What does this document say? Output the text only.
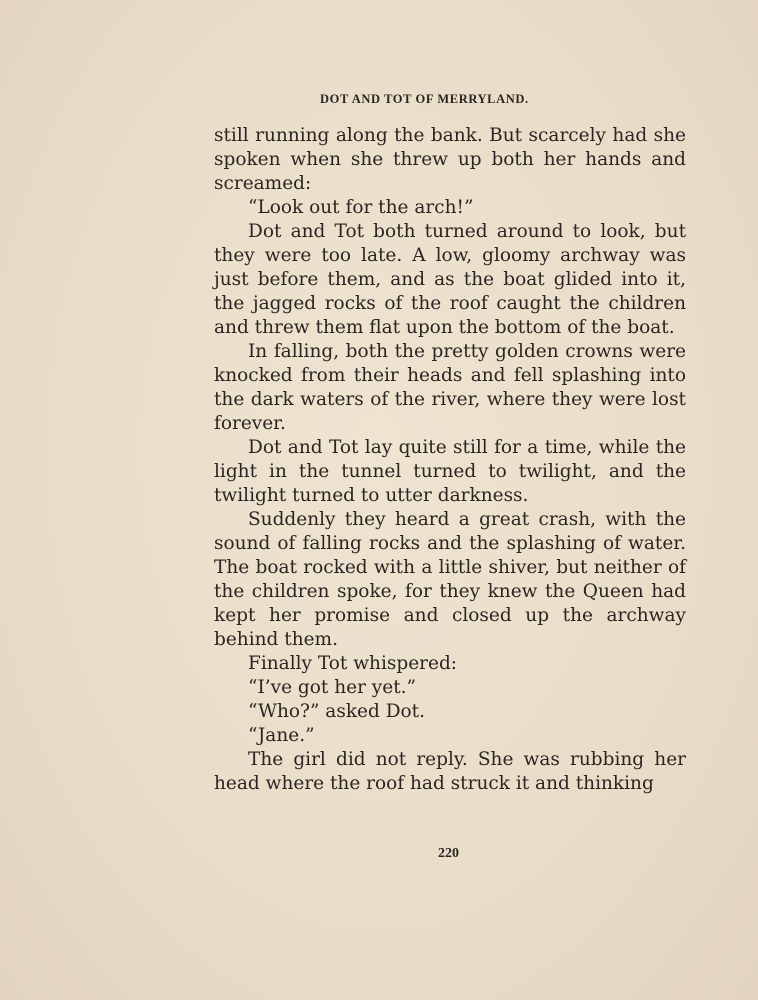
DOT AND TOT OF MERRYLAND.

still running along the bank. But scarcely had she spoken when she threw up both her hands and screamed:

“Look out for the arch!”

Dot and Tot both turned around to look, but they were too late. A low, gloomy archway was just before them, and as the boat glided into it, the jagged rocks of the roof caught the children and threw them flat upon the bottom of the boat.

In falling, both the pretty golden crowns were knocked from their heads and fell splashing into the dark waters of the river, where they were lost forever.

Dot and Tot lay quite still for a time, while the light in the tunnel turned to twilight, and the twilight turned to utter darkness.

Suddenly they heard a great crash, with the sound of falling rocks and the splashing of water. The boat rocked with a little shiver, but neither of the children spoke, for they knew the Queen had kept her promise and closed up the archway behind them.

Finally Tot whispered:

“I’ve got her yet.”

“Who?” asked Dot.

“Jane.”

The girl did not reply. She was rubbing her head where the roof had struck it and thinking

220
